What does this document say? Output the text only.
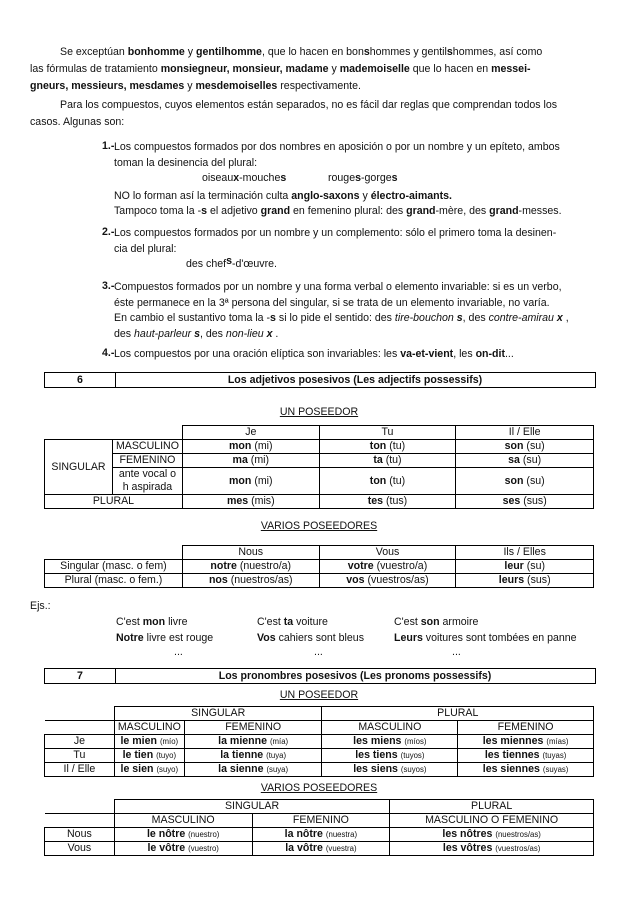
Se exceptúan bonhomme y gentilhomme, que lo hacen en bonshommes y gentilshommes, así como
las fórmulas de tratamiento monsiegneur, monsieur, madame y mademoiselle que lo hacen en messei-
gneurs, messieurs, mesdames y mesdemoiselles respectivamente.
Para los compuestos, cuyos elementos están separados, no es fácil dar reglas que comprendan todos los
casos. Algunas son:
1.- Los compuestos formados por dos nombres en aposición o por un nombre y un epíteto, ambos
toman la desinencia del plural:
oiseaux-mouches	rouges-gorges
NO lo forman así la terminación culta anglo-saxons y électro-aimants.
Tampoco toma la -s el adjetivo grand en femenino plural: des grand-mère, des grand-messes.
2.- Los compuestos formados por un nombre y un complemento: sólo el primero toma la desinen-
cia del plural:
des chefs-d'œuvre.
3.- Compuestos formados por un nombre y una forma verbal o elemento invariable: si es un verbo,
éste permanece en la 3ª persona del singular, si se trata de un elemento invariable, no varía.
En cambio el sustantivo toma la -s si lo pide el sentido: des tire-bouchon s, des contre-amirau x ,
des haut-parleur s, des non-lieu x .
4.- Los compuestos por una oración elíptica son invariables: les va-et-vient, les on-dit...
6	Los adjetivos posesivos (Les adjectifs possessifs)
UN POSEEDOR
		Je	Tu	Il / Elle
SINGULAR	MASCULINO	mon (mi)	ton (tu)	son (su)
	FEMENINO	ma (mi)	ta (tu)	sa (su)
	ante vocal o
h aspirada	mon (mi)	ton (tu)	son (su)
PLURAL		mes (mis)	tes (tus)	ses (sus)
VARIOS POSEEDORES
	Nous	Vous	Ils / Elles
Singular (masc. o fem)	notre (nuestro/a)	votre (vuestro/a)	leur (su)
Plural (masc. o fem.)	nos (nuestros/as)	vos (vuestros/as)	leurs (sus)
Ejs.:
C'est mon livre	C'est ta voiture	C'est son armoire
Notre livre est rouge	Vos cahiers sont bleus	Leurs voitures sont tombées en panne
...	...	...
7	Los pronombres posesivos (Les pronoms possessifs)
UN POSEEDOR
	SINGULAR		PLURAL	
	MASCULINO	FEMENINO	MASCULINO	FEMENINO
Je	le mien (mío)	la mienne (mía)	les miens (míos)	les miennes (mías)
Tu	le tien (tuyo)	la tienne (tuya)	les tiens (tuyos)	les tiennes (tuyas)
Il / Elle	le sien (suyo)	la sienne (suya)	les siens (suyos)	les siennes (suyas)
VARIOS POSEEDORES
	SINGULAR		PLURAL
	MASCULINO	FEMENINO	MASCULINO O FEMENINO
Nous	le nôtre (nuestro)	la nôtre (nuestra)	les nôtres (nuestros/as)
Vous	le vôtre (vuestro)	la vôtre (vuestra)	les vôtres (vuestros/as)
